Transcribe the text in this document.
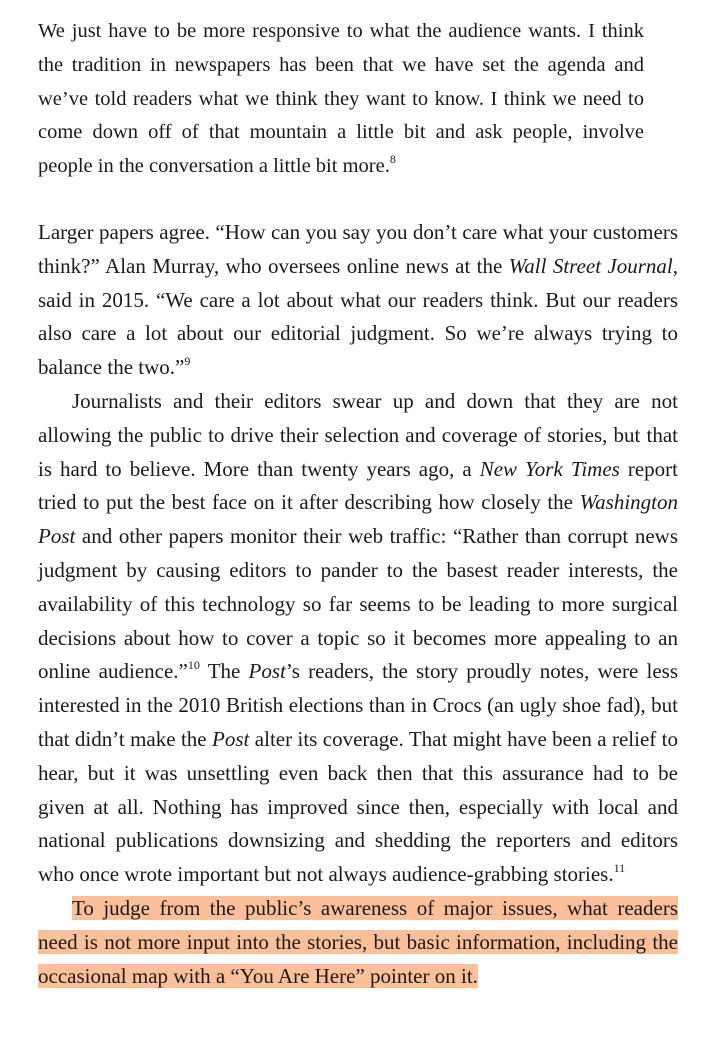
We just have to be more responsive to what the audience wants. I think the tradition in newspapers has been that we have set the agenda and we’ve told readers what we think they want to know. I think we need to come down off of that mountain a little bit and ask people, involve people in the conversation a little bit more.$^8$

Larger papers agree. “How can you say you don’t care what your customers think?” Alan Murray, who oversees online news at the Wall Street Journal, said in 2015. “We care a lot about what our readers think. But our readers also care a lot about our editorial judgment. So we’re always trying to balance the two.”$^9$

Journalists and their editors swear up and down that they are not allowing the public to drive their selection and coverage of stories, but that is hard to believe. More than twenty years ago, a New York Times report tried to put the best face on it after describing how closely the Washington Post and other papers monitor their web traffic: “Rather than corrupt news judgment by causing editors to pander to the basest reader interests, the availability of this technology so far seems to be leading to more surgical decisions about how to cover a topic so it becomes more appealing to an online audience.”$^{10}$ The Post’s readers, the story proudly notes, were less interested in the 2010 British elections than in Crocs (an ugly shoe fad), but that didn’t make the Post alter its coverage. That might have been a relief to hear, but it was unsettling even back then that this assurance had to be given at all. Nothing has improved since then, especially with local and national publications downsizing and shedding the reporters and editors who once wrote important but not always audience-grabbing stories.$^{11}$

To judge from the public’s awareness of major issues, what readers need is not more input into the stories, but basic information, including the occasional map with a “You Are Here” pointer on it.
